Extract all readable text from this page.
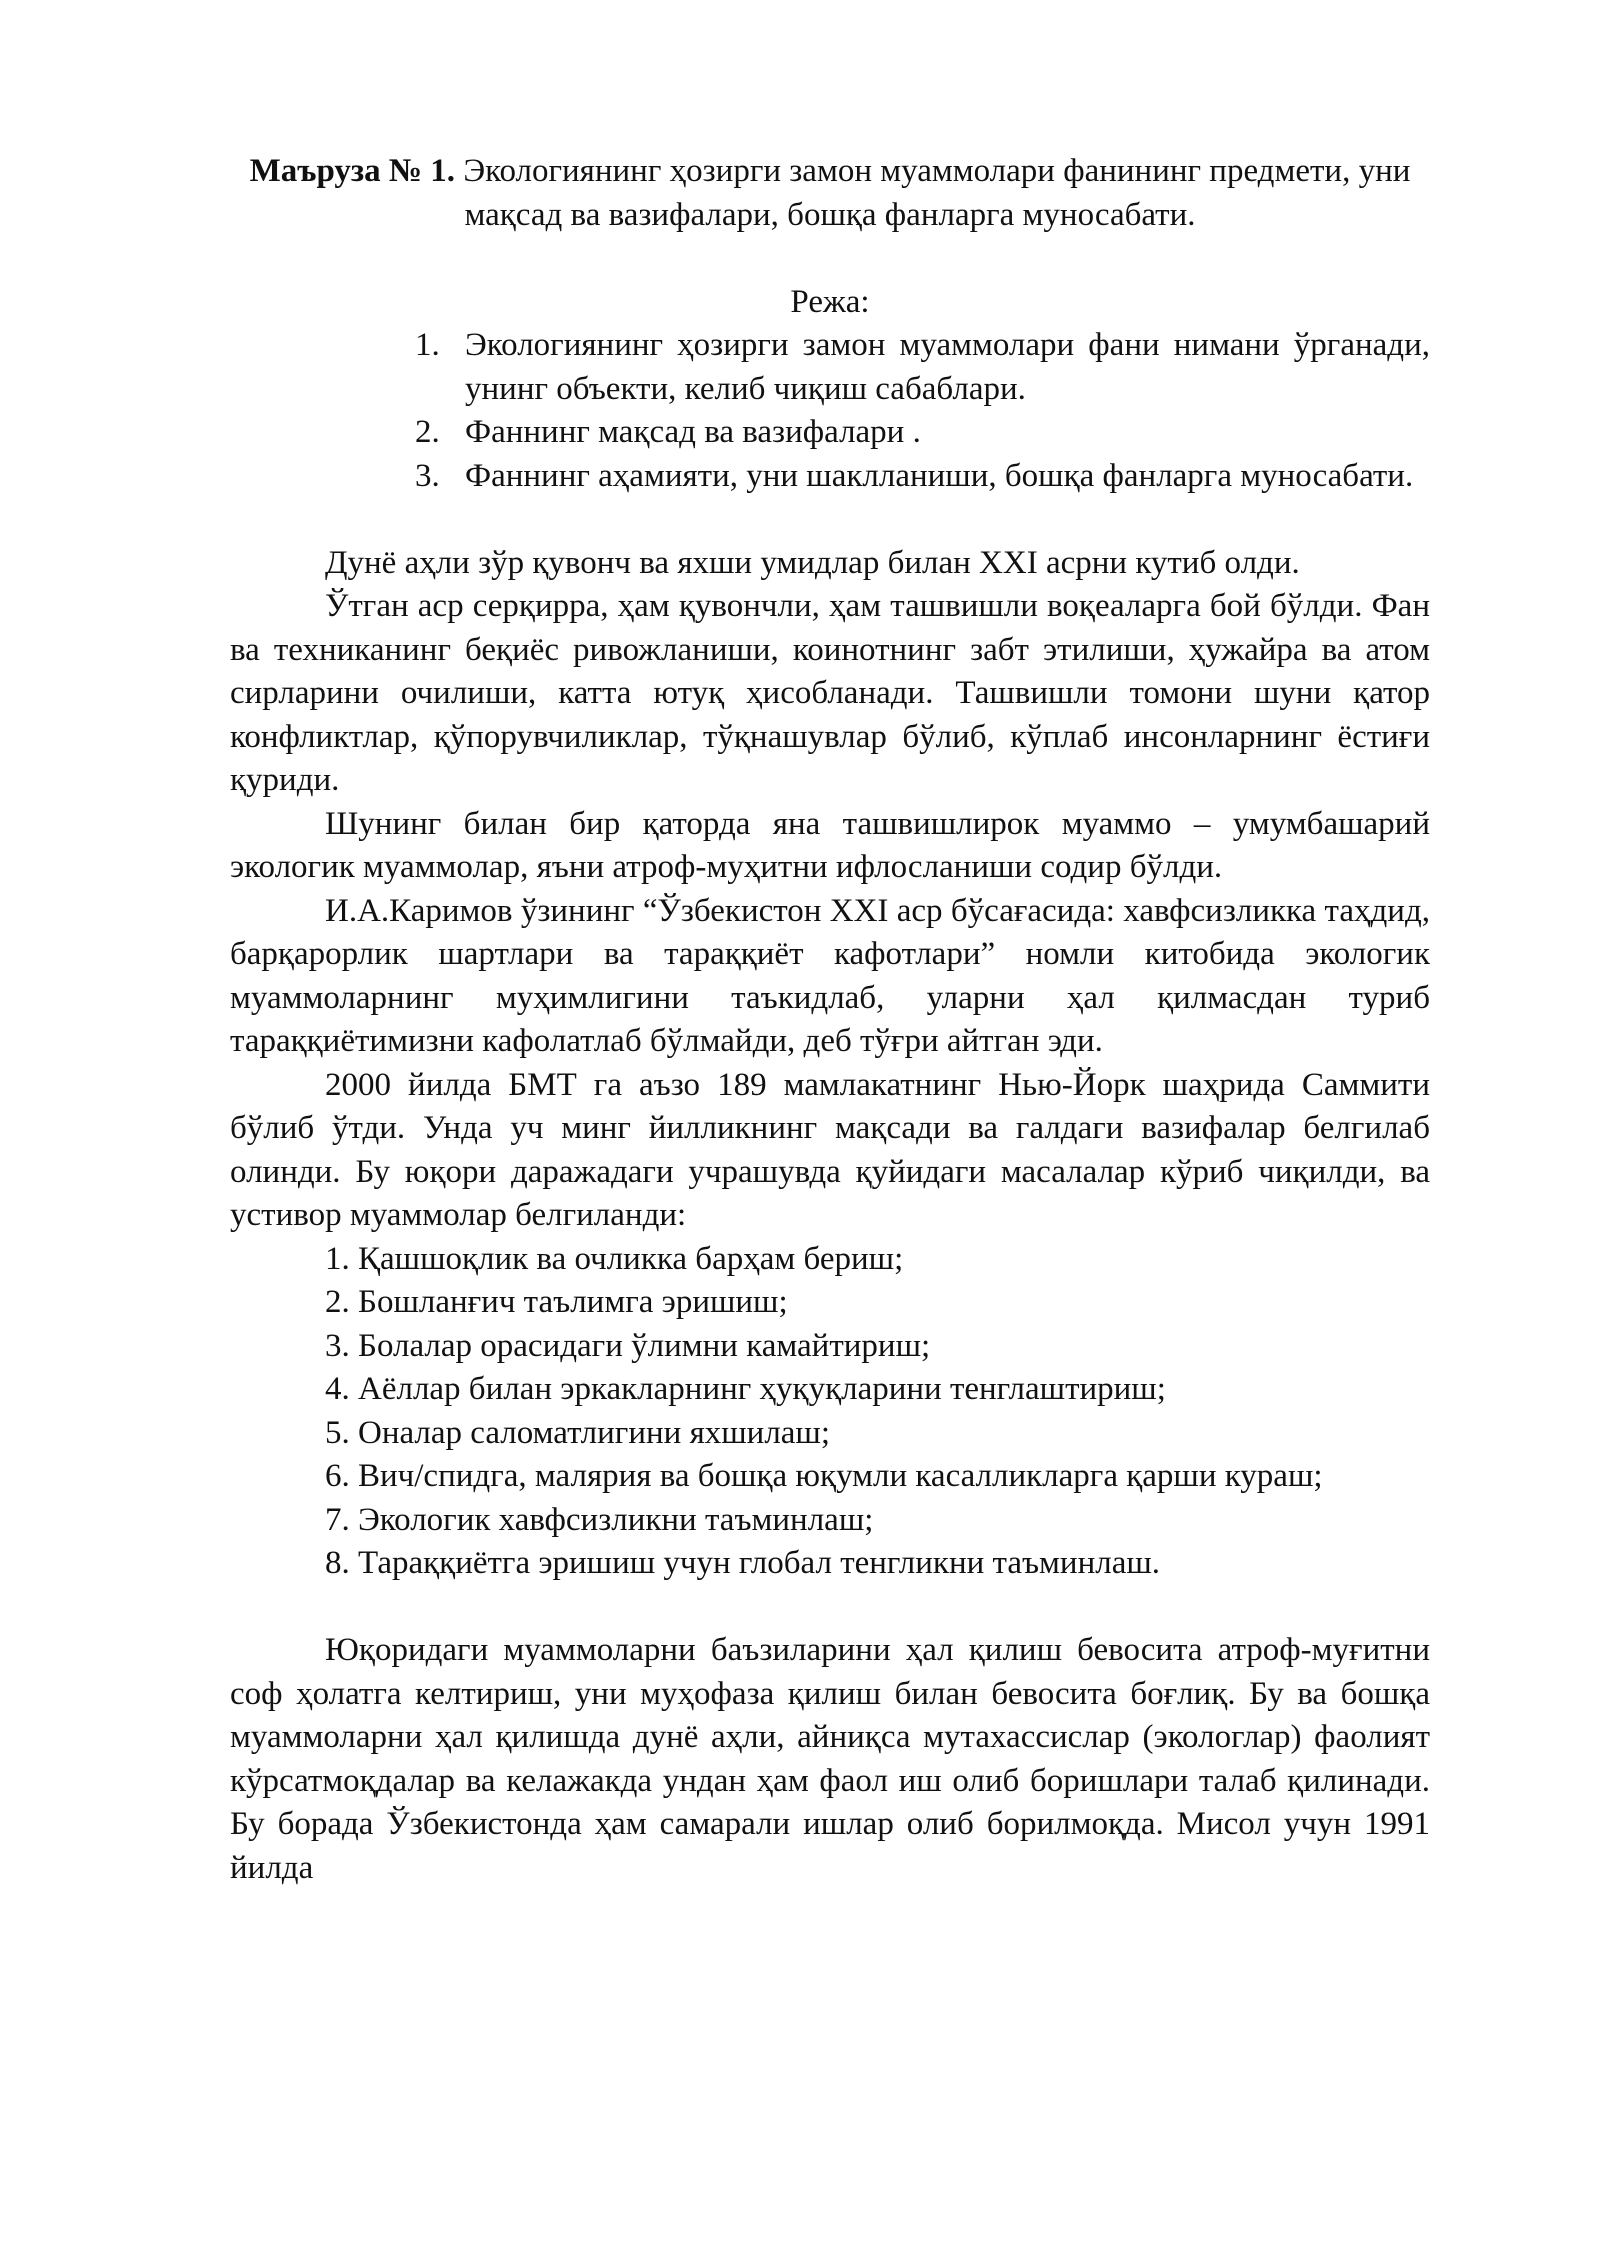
Маъруза № 1. Экологиянинг ҳозирги замон муаммолари фанининг предмети, уни мақсад ва вазифалари, бошқа фанларга муносабати.

Режа:

1. Экологиянинг ҳозирги замон муаммолари фани нимани ўрганади, унинг объекти, келиб чиқиш сабаблари.
2. Фаннинг мақсад ва вазифалари .
3. Фаннинг аҳамияти, уни шаклланиши, бошқа фанларга муносабати.

Дунё аҳли зўр қувонч ва яхши умидлар билан XXI асрни кутиб олди.

Ўтган аср серқирра, ҳам қувончли, ҳам ташвишли воқеаларга бой бўлди. Фан ва техниканинг беқиёс ривожланиши, коинотнинг забт этилиши, ҳужайра ва атом сирларини очилиши, катта ютуқ ҳисобланади. Ташвишли томони шуни қатор конфликтлар, қўпорувчиликлар, тўқнашувлар бўлиб, кўплаб инсонларнинг ёстиғи қуриди.

Шунинг билан бир қаторда яна ташвишлирок муаммо – умумбашарий экологик муаммолар, яъни атроф-муҳитни ифлосланиши содир бўлди.

И.А.Каримов ўзининг “Ўзбекистон XXI аср бўсағасида: хавфсизликка таҳдид, барқарорлик шартлари ва тараққиёт кафотлари” номли китобида экологик муаммоларнинг муҳимлигини таъкидлаб, уларни ҳал қилмасдан туриб тараққиётимизни кафолатлаб бўлмайди, деб тўғри айтган эди.

2000 йилда БМТ га аъзо 189 мамлакатнинг Нью-Йорк шаҳрида Саммити бўлиб ўтди. Унда уч минг йилликнинг мақсади ва галдаги вазифалар белгилаб олинди. Бу юқори даражадаги учрашувда қуйидаги масалалар кўриб чиқилди, ва устивор муаммолар белгиланди:

1. Қашшоқлик ва очликка барҳам бериш;

2. Бошланғич таълимга эришиш;

3. Болалар орасидаги ўлимни камайтириш;

4. Аёллар билан эркакларнинг ҳуқуқларини тенглаштириш;

5. Оналар саломатлигини яхшилаш;

6. Вич/спидга, малярия ва бошқа юқумли касалликларга қарши кураш;

7. Экологик хавфсизликни таъминлаш;

8. Тараққиётга эришиш учун глобал тенгликни таъминлаш.

Юқоридаги муаммоларни баъзиларини ҳал қилиш бевосита атроф-муғитни соф ҳолатга келтириш, уни муҳофаза қилиш билан бевосита боғлиқ. Бу ва бошқа муаммоларни ҳал қилишда дунё аҳли, айниқса мутахассислар (экологлар) фаолият кўрсатмоқдалар ва келажакда ундан ҳам фаол иш олиб боришлари талаб қилинади. Бу борада Ўзбекистонда ҳам самарали ишлар олиб борилмоқда. Мисол учун 1991 йилда
